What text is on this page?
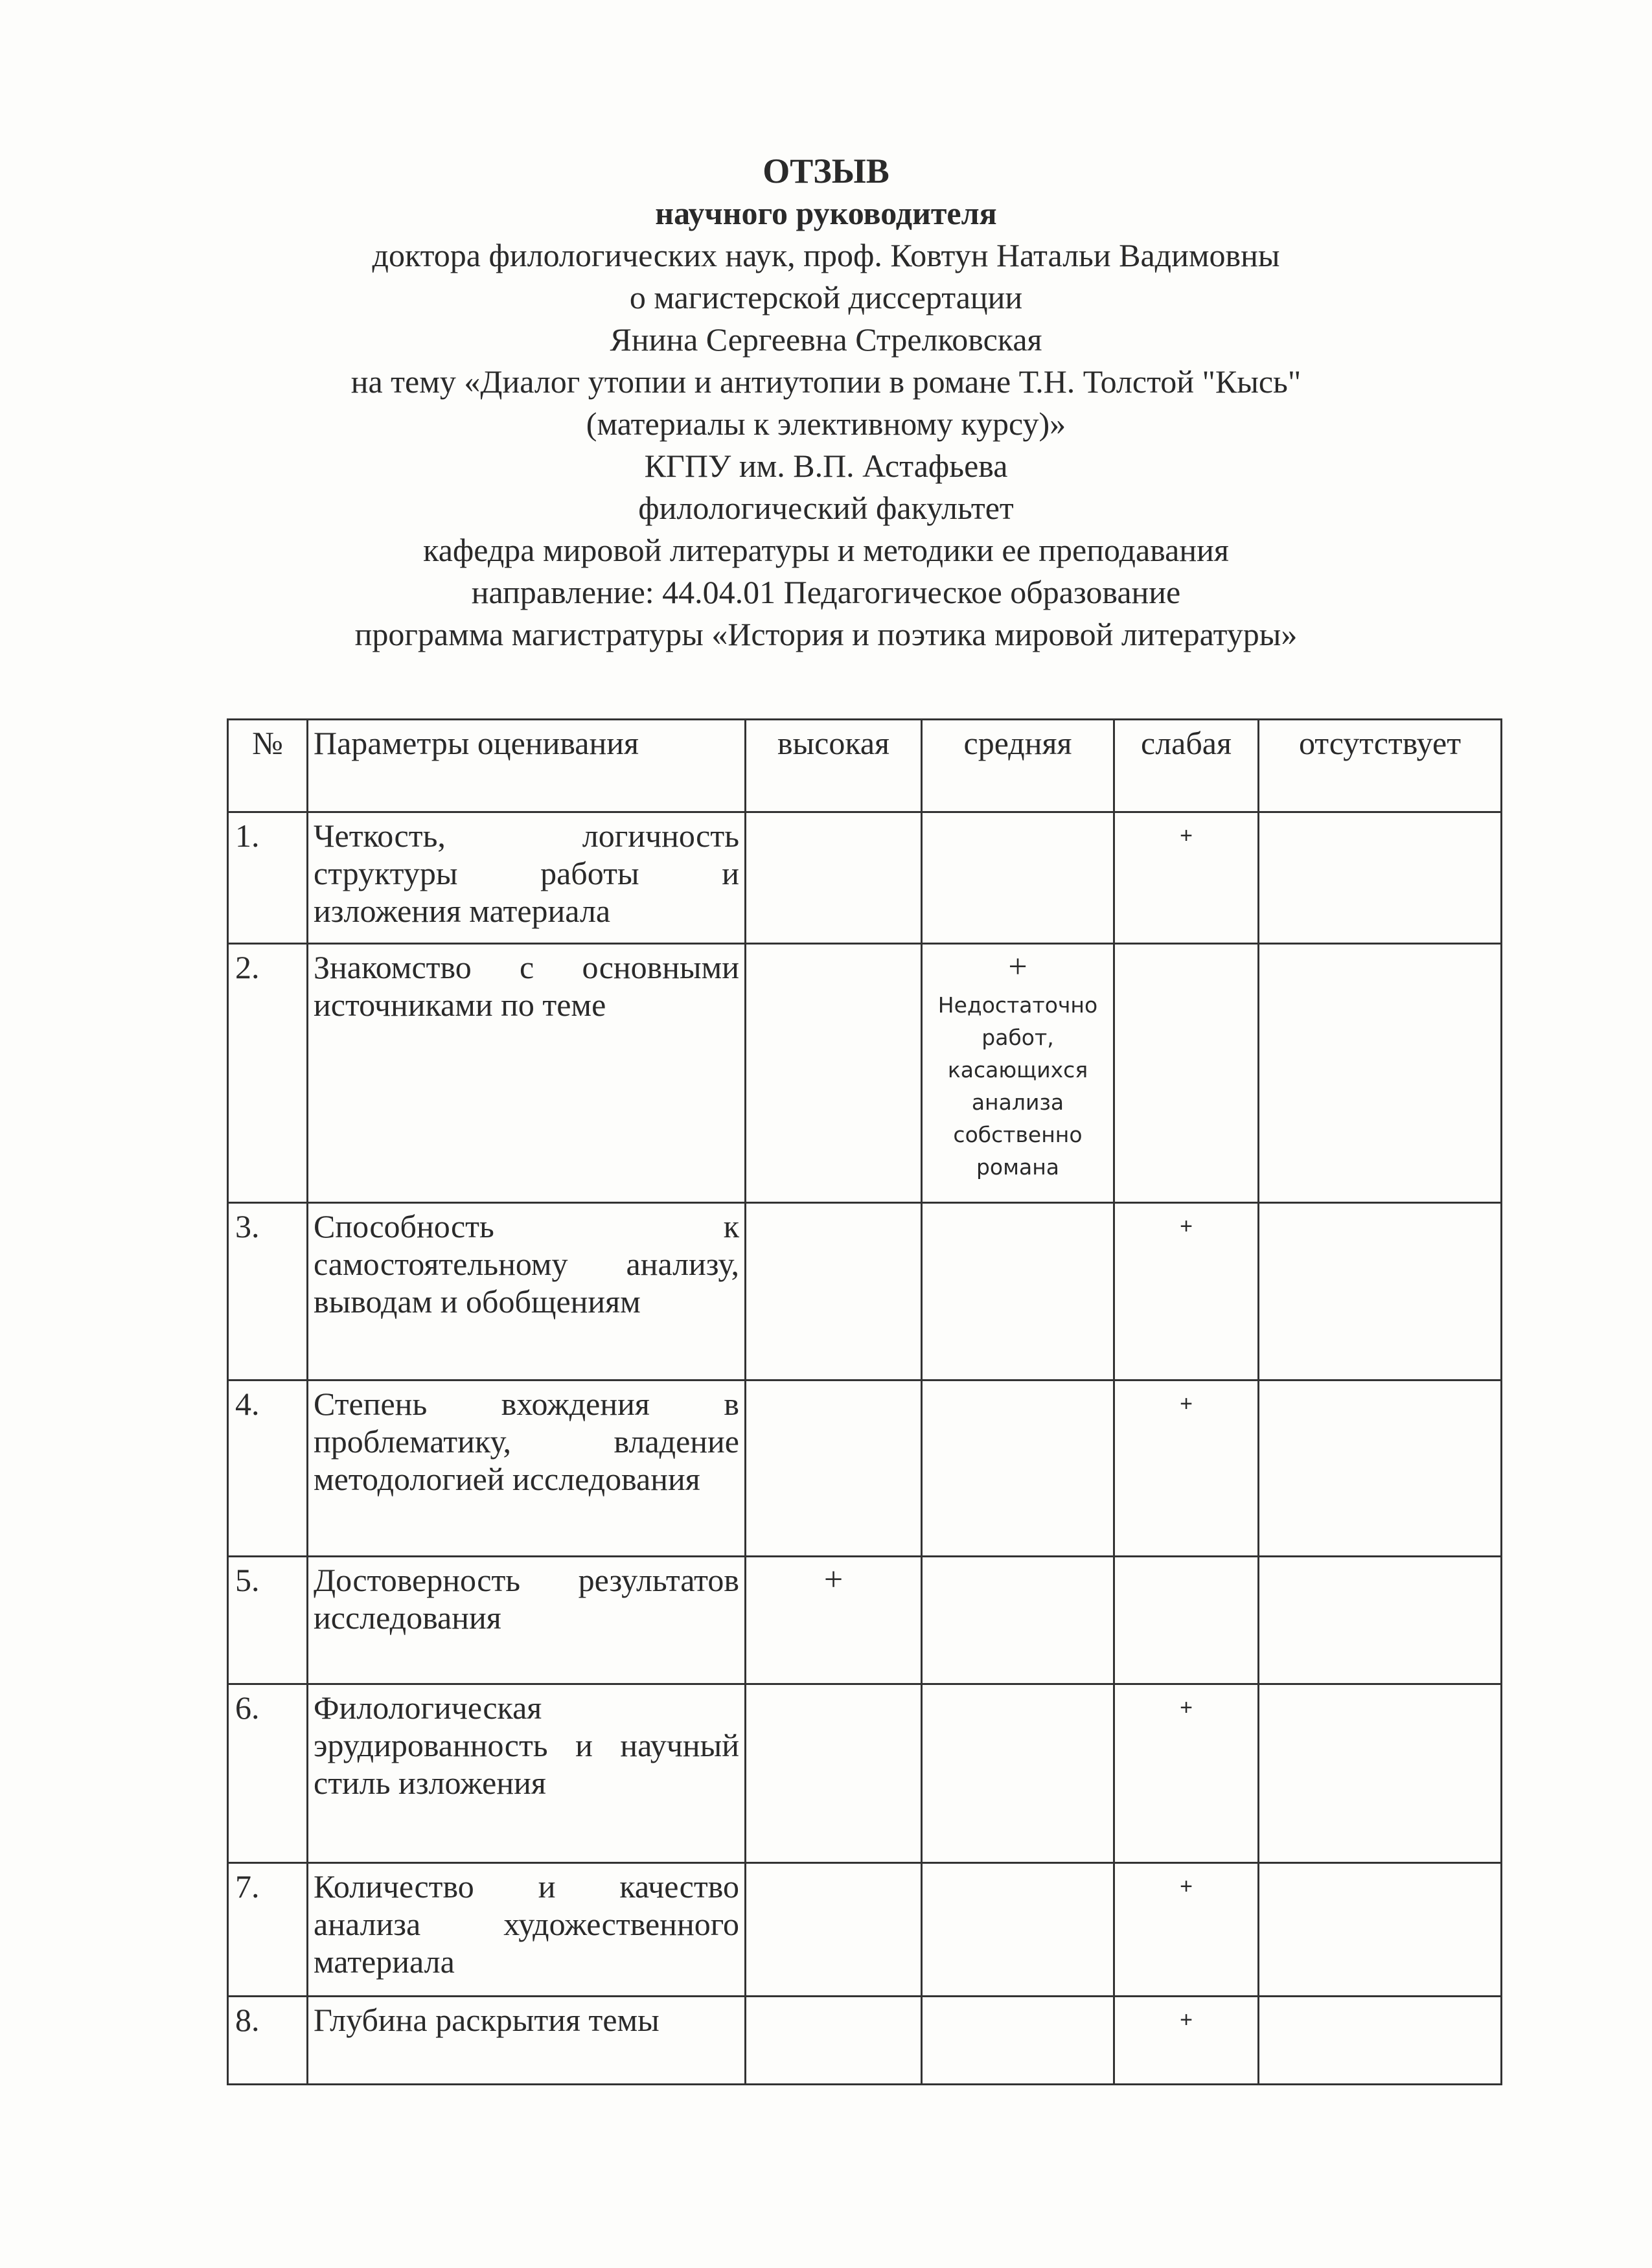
ОТЗЫВ
научного руководителя
доктора филологических наук, проф. Ковтун Натальи Вадимовны
о магистерской диссертации
Янина Сергеевна Стрелковская
на тему «Диалог утопии и антиутопии в романе Т.Н. Толстой "Кысь"
(материалы к элективному курсу)»
КГПУ им. В.П. Астафьева
филологический факультет
кафедра мировой литературы и методики ее преподавания
направление: 44.04.01 Педагогическое образование
программа магистратуры «История и поэтика мировой литературы»
№	Параметры оценивания	высокая	средняя	слабая	отсутствует
1.	Четкость, логичность структуры работы и изложения материала			+	
2.	Знакомство с основными источниками по теме		+
Недостаточно работ, касающихся анализа собственно романа		

3.	Способность к самостоятельному анализу, выводам и обобщениям			+	
4.	Степень вхождения в проблематику, владение методологией исследования			+	
5.	Достоверность результатов исследования	+			
6.	Филологическая эрудированность и научный стиль изложения			+	
7.	Количество и качество анализа художественного материала			+	
8.	Глубина раскрытия темы			+	
